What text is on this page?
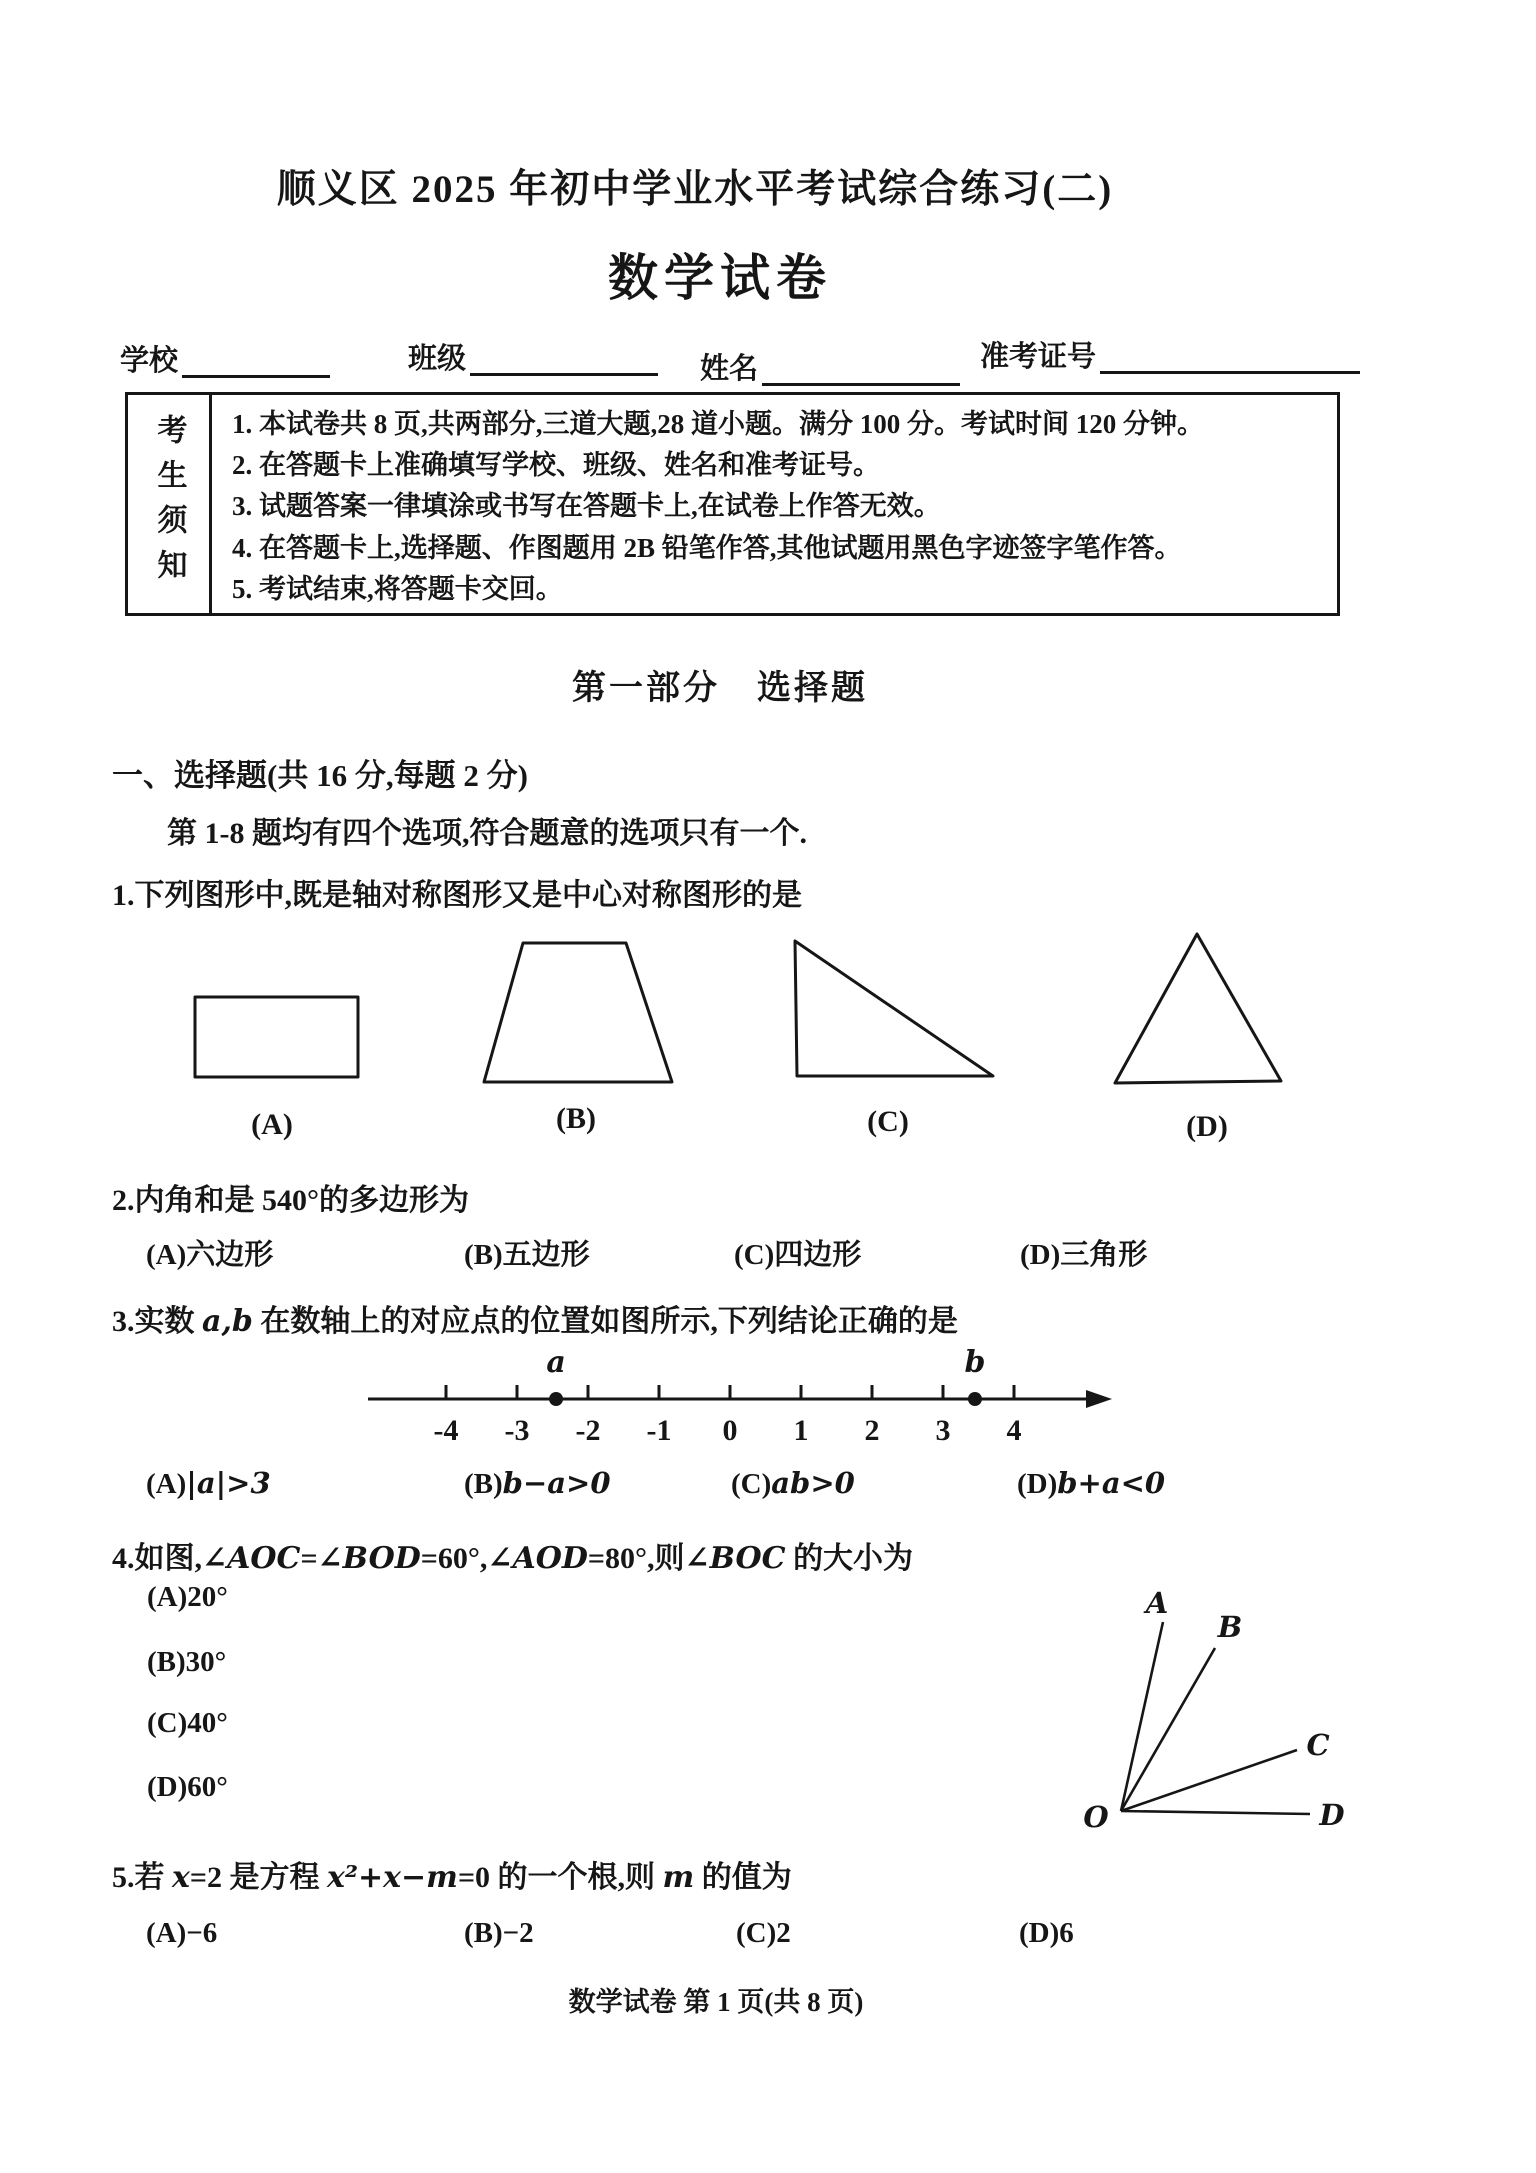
顺义区 2025 年初中学业水平考试综合练习(二)
数学试卷
学校	班级	姓名	准考证号
考生须知 1. 本试卷共 8 页,共两部分,三道大题,28 道小题。满分 100 分。考试时间 120 分钟。
2. 在答题卡上准确填写学校、班级、姓名和准考证号。
3. 试题答案一律填涂或书写在答题卡上,在试卷上作答无效。
4. 在答题卡上,选择题、作图题用 2B 铅笔作答,其他试题用黑色字迹签字笔作答。
5. 考试结束,将答题卡交回。
第一部分　选择题
一、选择题(共 16 分,每题 2 分)
第 1-8 题均有四个选项,符合题意的选项只有一个.
1.下列图形中,既是轴对称图形又是中心对称图形的是
(A)	(B)	(C)	(D)
2.内角和是 540°的多边形为
(A)六边形	(B)五边形	(C)四边形	(D)三角形
3.实数 a,b 在数轴上的对应点的位置如图所示,下列结论正确的是
-4 -3 -2 -1 0 1 2 3 4
a	b
(A)|a|>3	(B)b−a>0	(C)ab>0	(D)b+a<0
4.如图,∠AOC=∠BOD=60°,∠AOD=80°,则∠BOC 的大小为
(A)20°
(B)30°
(C)40°
(D)60°
A
B
C
D
O
5.若 x=2 是方程 x²+x−m=0 的一个根,则 m 的值为
(A)−6	(B)−2	(C)2	(D)6
数学试卷 第 1 页(共 8 页)
